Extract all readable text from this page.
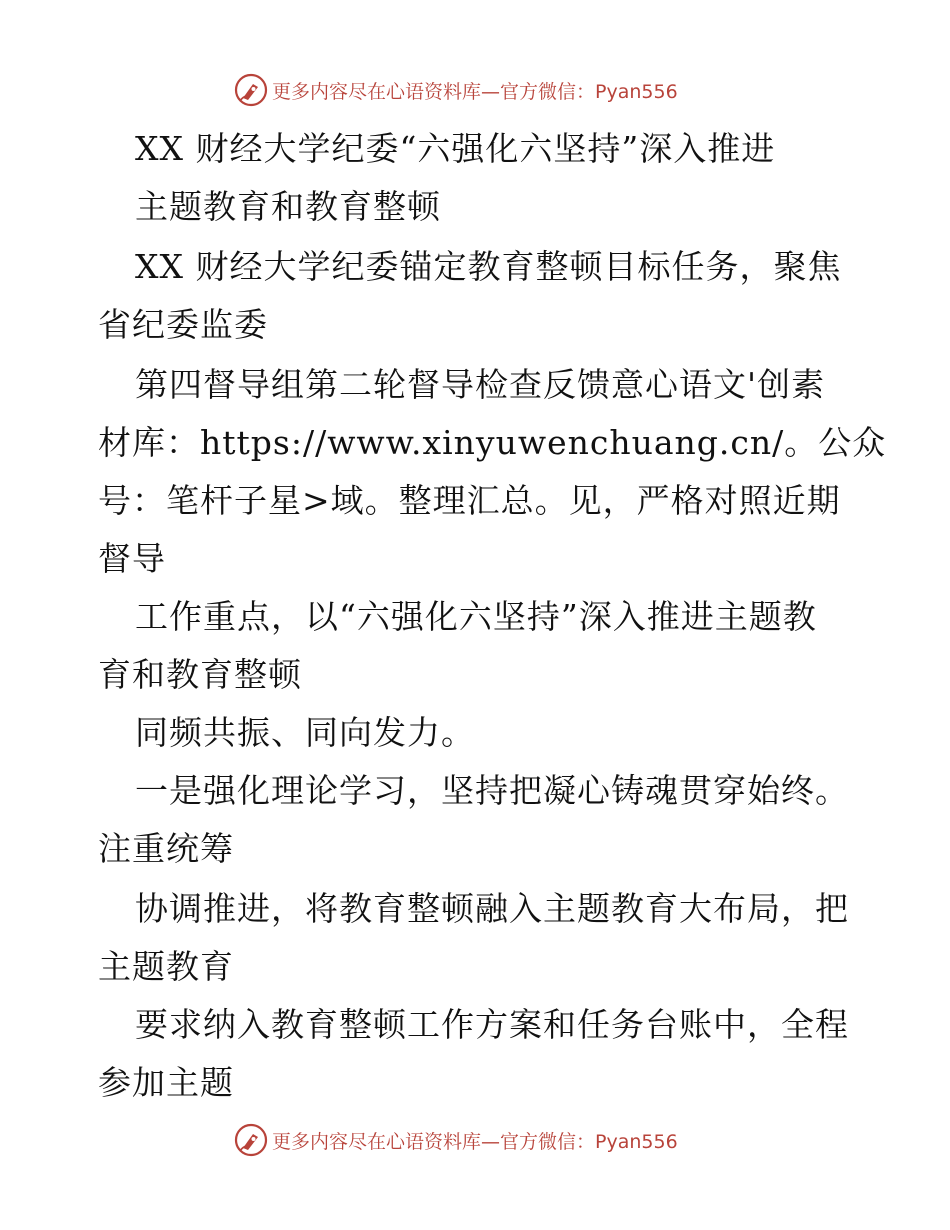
更多内容尽在心语资料库—官方微信：Pyan556
XX 财经大学纪委“六强化六坚持”深入推进
主题教育和教育整顿
XX 财经大学纪委锚定教育整顿目标任务，聚焦
省纪委监委
第四督导组第二轮督导检查反馈意心语文'创素
材库：https://www.xinyuwenchuang.cn/。公众
号：笔杆子星>域。整理汇总。见，严格对照近期
督导
工作重点，以“六强化六坚持”深入推进主题教
育和教育整顿
同频共振、同向发力。
一是强化理论学习，坚持把凝心铸魂贯穿始终。
注重统筹
协调推进，将教育整顿融入主题教育大布局，把
主题教育
要求纳入教育整顿工作方案和任务台账中，全程
参加主题
更多内容尽在心语资料库—官方微信：Pyan556
